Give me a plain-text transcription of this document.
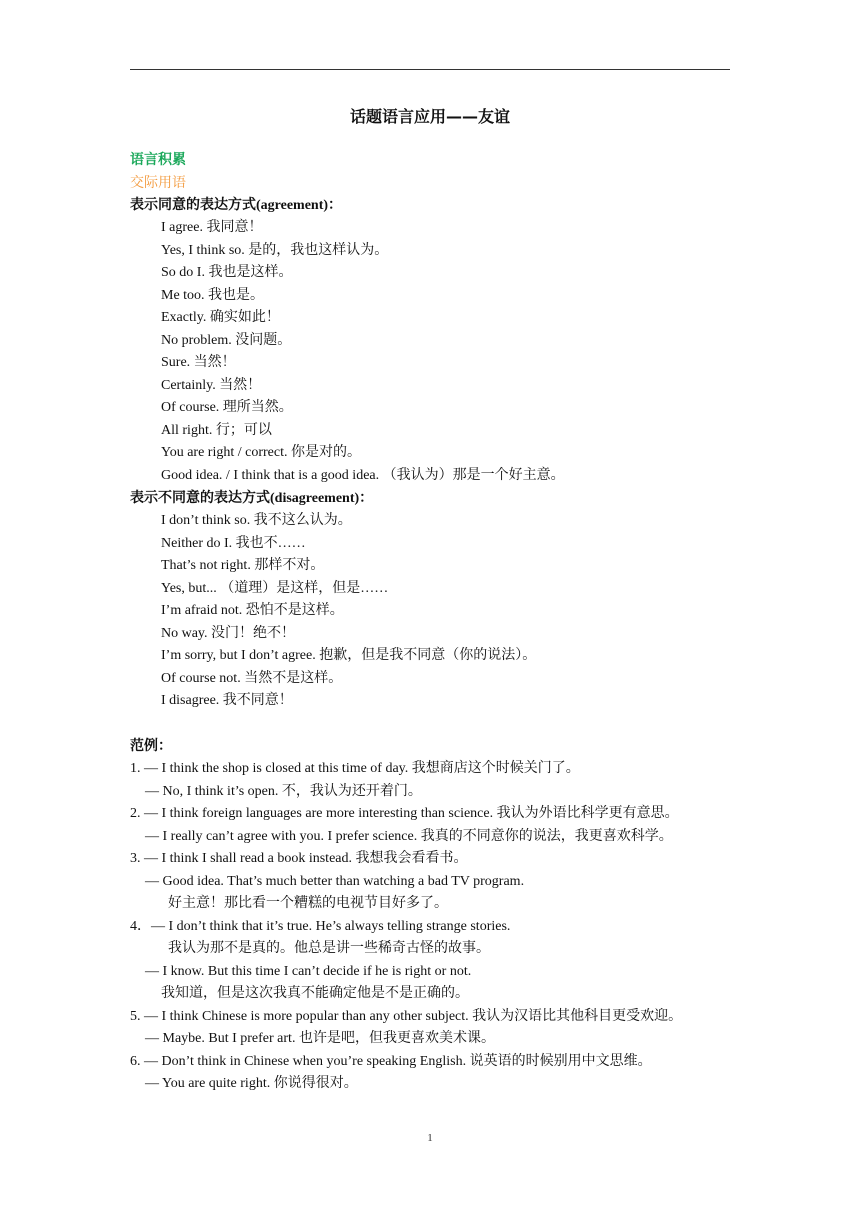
话题语言应用——友谊
语言积累
交际用语
表示同意的表达方式(agreement)：
I agree. 我同意！
Yes, I think so. 是的，我也这样认为。
So do I. 我也是这样。
Me too. 我也是。
Exactly. 确实如此！
No problem. 没问题。
Sure. 当然！
Certainly. 当然！
Of course. 理所当然。
All right. 行；可以
You are right / correct. 你是对的。
Good idea. / I think that is a good idea. （我认为）那是一个好主意。
表示不同意的表达方式(disagreement)：
I don’t think so. 我不这么认为。
Neither do I. 我也不……
That’s not right. 那样不对。
Yes, but... （道理）是这样，但是……
I’m afraid not. 恐怕不是这样。
No way. 没门！绝不！
I’m sorry, but I don’t agree. 抱歉，但是我不同意（你的说法）。
Of course not. 当然不是这样。
I disagree. 我不同意！
范例：
1. — I think the shop is closed at this time of day. 我想商店这个时候关门了。
— No, I think it’s open. 不，我认为还开着门。
2. — I think foreign languages are more interesting than science. 我认为外语比科学更有意思。
— I really can’t agree with you. I prefer science. 我真的不同意你的说法，我更喜欢科学。
3. — I think I shall read a book instead. 我想我会看看书。
— Good idea. That’s much better than watching a bad TV program.
好主意！那比看一个糟糕的电视节目好多了。
4．— I don’t think that it’s true. He’s always telling strange stories.
我认为那不是真的。他总是讲一些稀奇古怪的故事。
— I know. But this time I can’t decide if he is right or not.
我知道，但是这次我真不能确定他是不是正确的。
5. — I think Chinese is more popular than any other subject. 我认为汉语比其他科目更受欢迎。
— Maybe. But I prefer art. 也许是吧，但我更喜欢美术课。
6. — Don’t think in Chinese when you’re speaking English. 说英语的时候别用中文思维。
— You are quite right. 你说得很对。
1
